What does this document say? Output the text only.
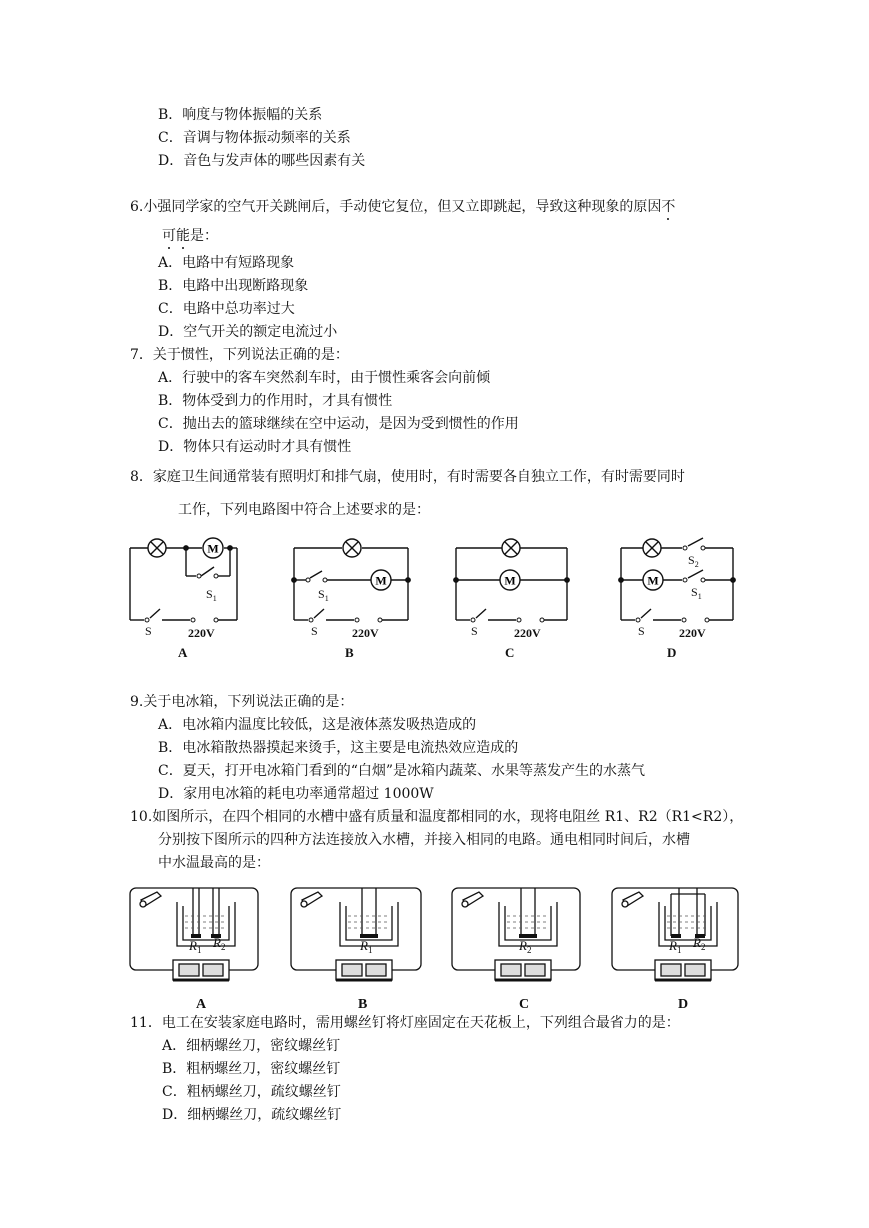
B．响度与物体振幅的关系
C．音调与物体振动频率的关系
D．音色与发声体的哪些因素有关
6.小强同学家的空气开关跳闸后，手动使它复位，但又立即跳起，导致这种现象的原因不
可能是：
A．电路中有短路现象
B．电路中出现断路现象
C．电路中总功率过大
D．空气开关的额定电流过小
7．关于惯性，下列说法正确的是：
A．行驶中的客车突然刹车时，由于惯性乘客会向前倾
B．物体受到力的作用时，才具有惯性
C．抛出去的篮球继续在空中运动，是因为受到惯性的作用
D．物体只有运动时才具有惯性
8．家庭卫生间通常装有照明灯和排气扇，使用时，有时需要各自独立工作，有时需要同时
工作，下列电路图中符合上述要求的是：
M
$S_1$
S	220V
A
M
$S_1$
S	220V
B
M
S	220V
C
M
$S_2$
$S_1$
S	220V
D
9.关于电冰箱，下列说法正确的是：
A．电冰箱内温度比较低，这是液体蒸发吸热造成的
B．电冰箱散热器摸起来烫手，这主要是电流热效应造成的
C．夏天，打开电冰箱门看到的“白烟”是冰箱内蔬菜、水果等蒸发产生的水蒸气
D．家用电冰箱的耗电功率通常超过 1000W
10.如图所示，在四个相同的水槽中盛有质量和温度都相同的水，现将电阻丝 R1、R2（R1<R2），
分别按下图所示的四种方法连接放入水槽，并接入相同的电路。通电相同时间后，水槽
中水温最高的是：
$R_1$ $R_2$
A
$R_1$
B
$R_2$
C
$R_1$ $R_2$
D
11．电工在安装家庭电路时，需用螺丝钉将灯座固定在天花板上，下列组合最省力的是：
A．细柄螺丝刀，密纹螺丝钉
B．粗柄螺丝刀，密纹螺丝钉
C．粗柄螺丝刀，疏纹螺丝钉
D．细柄螺丝刀，疏纹螺丝钉
